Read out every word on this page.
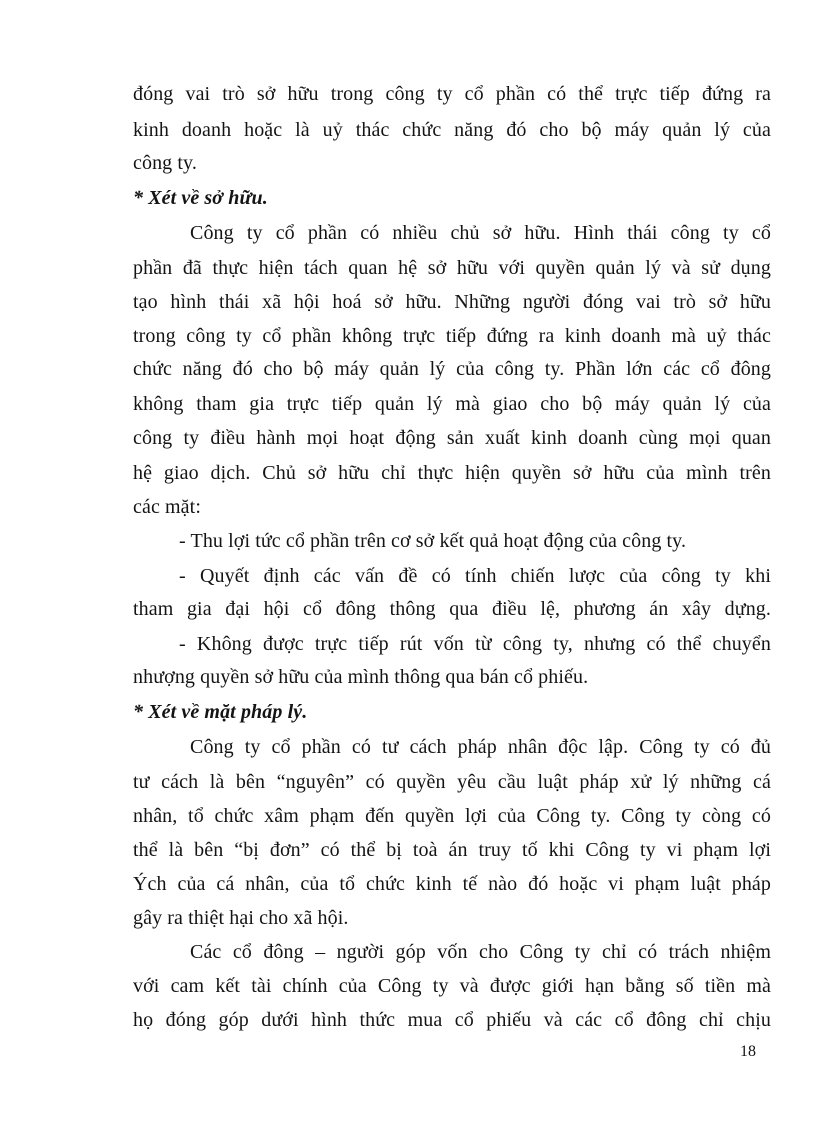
đóng vai trò sở hữu trong công ty cổ phần có thể trực tiếp đứng ra
kinh doanh hoặc là uỷ thác chức năng đó cho bộ máy quản lý của
công ty.
* Xét về sở hữu.
Công ty cổ phần có nhiều chủ sở hữu. Hình thái công ty cổ
phần đã thực hiện tách quan hệ sở hữu với quyền quản lý và sử dụng
tạo hình thái xã hội hoá sở hữu. Những người đóng vai trò sở hữu
trong công ty cổ phần không trực tiếp đứng ra kinh doanh mà uỷ thác
chức năng đó cho bộ máy quản lý của công ty. Phần lớn các cổ đông
không tham gia trực tiếp quản lý mà giao cho bộ máy quản lý của
công ty điều hành mọi hoạt động sản xuất kinh doanh cùng mọi quan
hệ giao dịch. Chủ sở hữu chỉ thực hiện quyền sở hữu của mình trên
các mặt:
- Thu lợi tức cổ phần trên cơ sở kết quả hoạt động của công ty.
- Quyết định các vấn đề có tính chiến lược của công ty khi
tham gia đại hội cổ đông thông qua điều lệ, phương án xây dựng.
- Không được trực tiếp rút vốn từ công ty, nhưng có thể chuyển
nhượng quyền sở hữu của mình thông qua bán cổ phiếu.
* Xét về mặt pháp lý.
Công ty cổ phần có tư cách pháp nhân độc lập. Công ty có đủ
tư cách là bên “nguyên” có quyền yêu cầu luật pháp xử lý những cá
nhân, tổ chức xâm phạm đến quyền lợi của Công ty. Công ty còng có
thể là bên “bị đơn” có thể bị toà án truy tố khi Công ty vi phạm lợi
Ých của cá nhân, của tổ chức kinh tế nào đó hoặc vi phạm luật pháp
gây ra thiệt hại cho xã hội.
Các cổ đông – người góp vốn cho Công ty chỉ có trách nhiệm
với cam kết tài chính của Công ty và được giới hạn bằng số tiền mà
họ đóng góp dưới hình thức mua cổ phiếu và các cổ đông chỉ chịu
18
